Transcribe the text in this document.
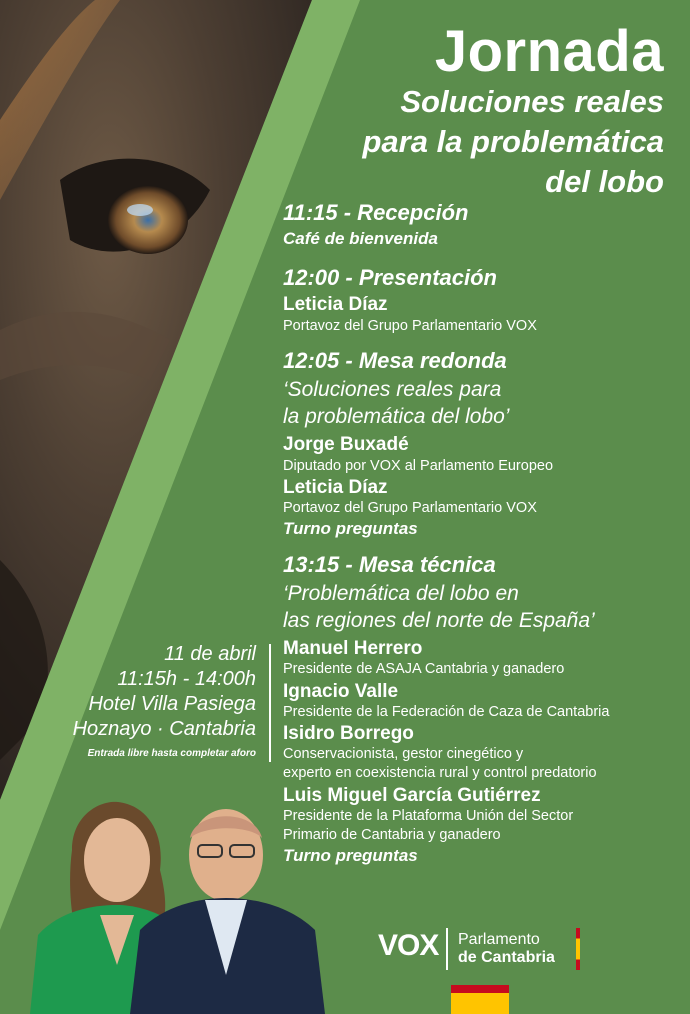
Jornada
Soluciones reales
para la problemática
del lobo
11:15 - Recepción
Café de bienvenida
12:00 - Presentación
Leticia Díaz
Portavoz del Grupo Parlamentario VOX
12:05 - Mesa redonda
‘Soluciones reales para
la problemática del lobo’
Jorge Buxadé
Diputado por VOX al Parlamento Europeo
Leticia Díaz
Portavoz del Grupo Parlamentario VOX
Turno preguntas
13:15 - Mesa técnica
‘Problemática del lobo en
las regiones del norte de España’
Manuel Herrero
Presidente de ASAJA Cantabria y ganadero
Ignacio Valle
Presidente de la Federación de Caza de Cantabria
Isidro Borrego
Conservacionista, gestor cinegético y
experto en coexistencia rural y control predatorio
Luis Miguel García Gutiérrez
Presidente de la Plataforma Unión del Sector
Primario de Cantabria y ganadero
Turno preguntas
11 de abril
11:15h - 14:00h
Hotel Villa Pasiega
Hoznayo · Cantabria
Entrada libre hasta completar aforo
VOX Parlamento
de Cantabria
